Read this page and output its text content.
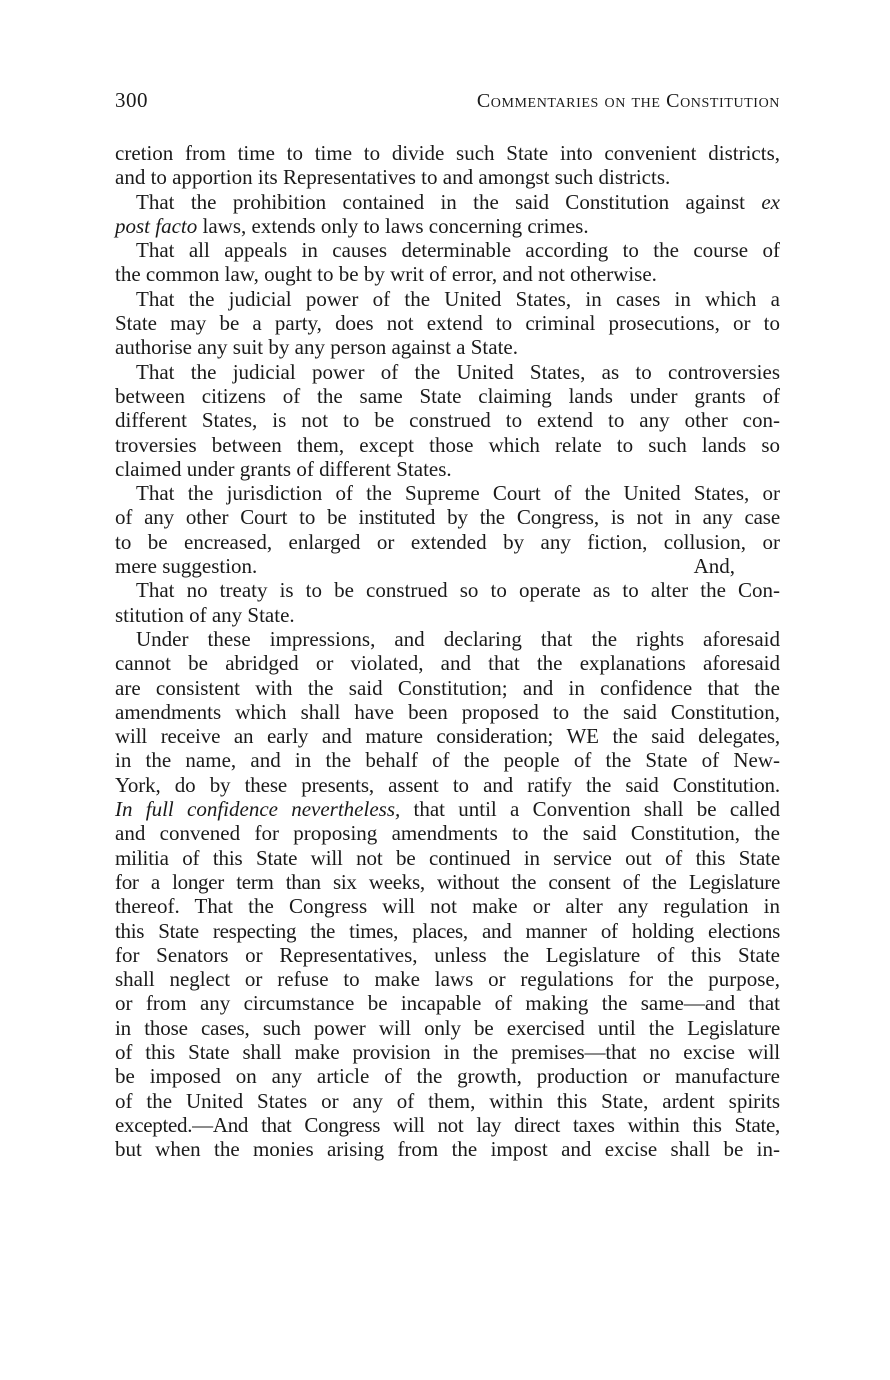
300	Commentaries on the Constitution
cretion from time to time to divide such State into convenient districts,
and to apportion its Representatives to and amongst such districts.
That the prohibition contained in the said Constitution against ex
post facto laws, extends only to laws concerning crimes.
That all appeals in causes determinable according to the course of
the common law, ought to be by writ of error, and not otherwise.
That the judicial power of the United States, in cases in which a
State may be a party, does not extend to criminal prosecutions, or to
authorise any suit by any person against a State.
That the judicial power of the United States, as to controversies
between citizens of the same State claiming lands under grants of
different States, is not to be construed to extend to any other con-
troversies between them, except those which relate to such lands so
claimed under grants of different States.
That the jurisdiction of the Supreme Court of the United States, or
of any other Court to be instituted by the Congress, is not in any case
to be encreased, enlarged or extended by any fiction, collusion, or
mere suggestion.	And,
That no treaty is to be construed so to operate as to alter the Con-
stitution of any State.
Under these impressions, and declaring that the rights aforesaid
cannot be abridged or violated, and that the explanations aforesaid
are consistent with the said Constitution; and in confidence that the
amendments which shall have been proposed to the said Constitution,
will receive an early and mature consideration; WE the said delegates,
in the name, and in the behalf of the people of the State of New-
York, do by these presents, assent to and ratify the said Constitution.
In full confidence nevertheless, that until a Convention shall be called
and convened for proposing amendments to the said Constitution, the
militia of this State will not be continued in service out of this State
for a longer term than six weeks, without the consent of the Legislature
thereof. That the Congress will not make or alter any regulation in
this State respecting the times, places, and manner of holding elections
for Senators or Representatives, unless the Legislature of this State
shall neglect or refuse to make laws or regulations for the purpose,
or from any circumstance be incapable of making the same—and that
in those cases, such power will only be exercised until the Legislature
of this State shall make provision in the premises—that no excise will
be imposed on any article of the growth, production or manufacture
of the United States or any of them, within this State, ardent spirits
excepted.—And that Congress will not lay direct taxes within this State,
but when the monies arising from the impost and excise shall be in-
